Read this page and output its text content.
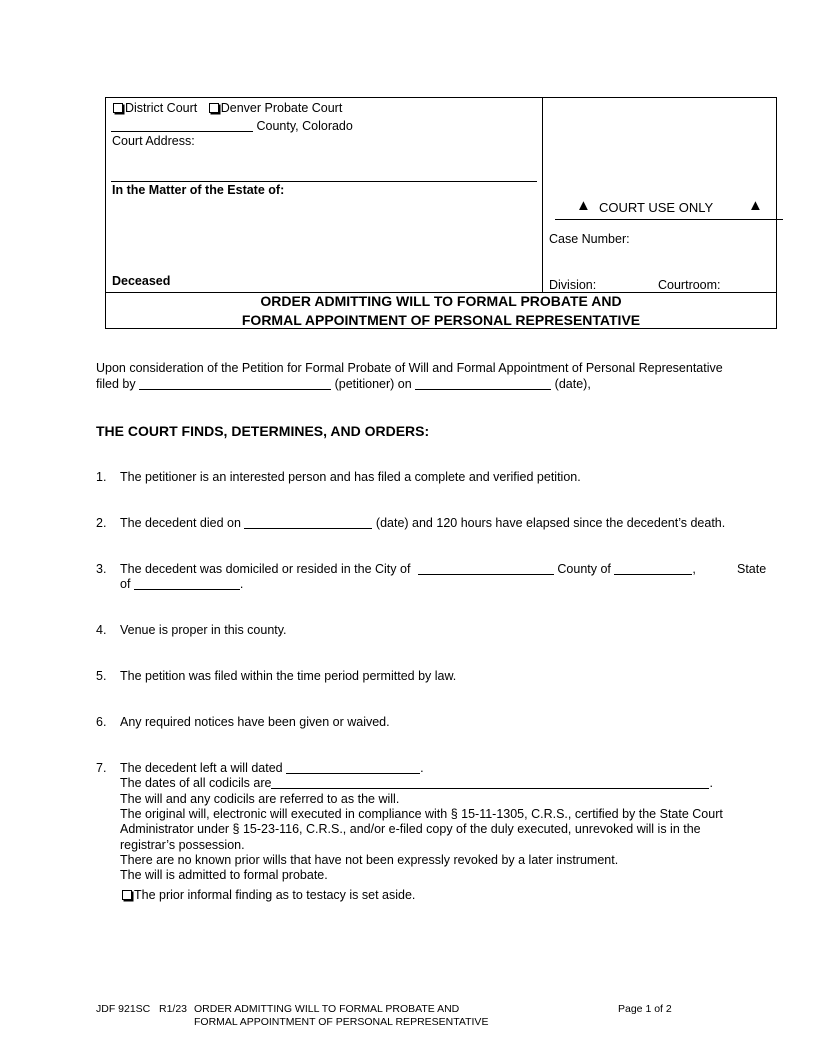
District Court Denver Probate Court
County, Colorado
Court Address:
In the Matter of the Estate of:
Deceased
▲ COURT USE ONLY ▲
Case Number:
Division:	Courtroom:
ORDER ADMITTING WILL TO FORMAL PROBATE AND
FORMAL APPOINTMENT OF PERSONAL REPRESENTATIVE
Upon consideration of the Petition for Formal Probate of Will and Formal Appointment of Personal Representative
filed by	(petitioner) on	(date),
THE COURT FINDS, DETERMINES, AND ORDERS:
1. The petitioner is an interested person and has filed a complete and verified petition.
2. The decedent died on	(date) and 120 hours have elapsed since the decedent’s death.
3. The decedent was domiciled or resided in the City of	County of	,	State
of	.
4. Venue is proper in this county.
5. The petition was filed within the time period permitted by law.
6. Any required notices have been given or waived.
7. The decedent left a will dated	.
The dates of all codicils are	.
The will and any codicils are referred to as the will.
The original will, electronic will executed in compliance with § 15-11-1305, C.R.S., certified by the State Court
Administrator under § 15-23-116, C.R.S., and/or e-filed copy of the duly executed, unrevoked will is in the
registrar’s possession.
There are no known prior wills that have not been expressly revoked by a later instrument.
The will is admitted to formal probate.
The prior informal finding as to testacy is set aside.
JDF 921SC R1/23 ORDER ADMITTING WILL TO FORMAL PROBATE AND
FORMAL APPOINTMENT OF PERSONAL REPRESENTATIVE
Page 1 of 2
